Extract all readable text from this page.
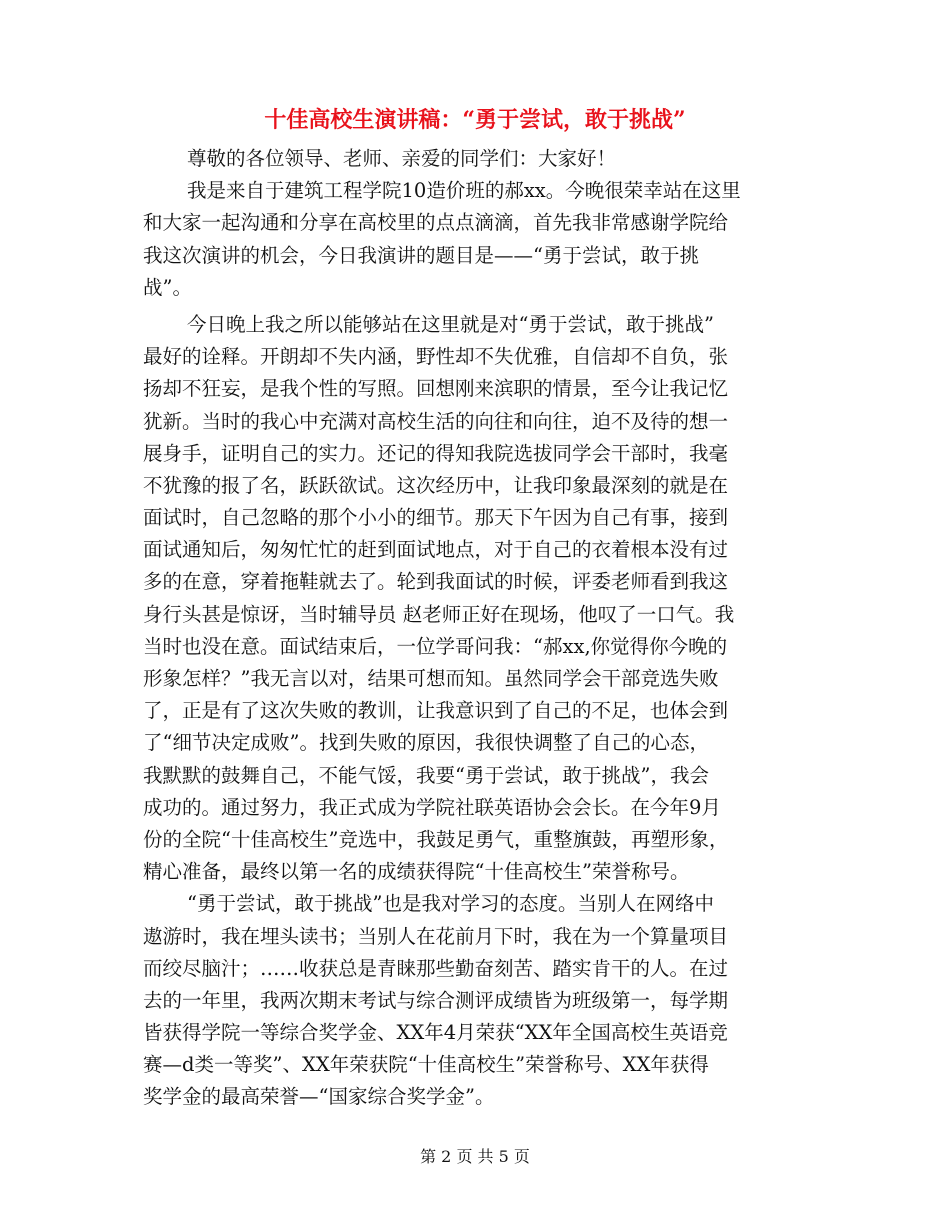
十佳高校生演讲稿：“勇于尝试，敢于挑战”

尊敬的各位领导、老师、亲爱的同学们：大家好！

我是来自于建筑工程学院10造价班的郝xx。今晚很荣幸站在这里
和大家一起沟通和分享在高校里的点点滴滴，首先我非常感谢学院给
我这次演讲的机会，今日我演讲的题目是——“勇于尝试，敢于挑
战”。

今日晚上我之所以能够站在这里就是对“勇于尝试，敢于挑战”
最好的诠释。开朗却不失内涵，野性却不失优雅，自信却不自负，张
扬却不狂妄，是我个性的写照。回想刚来滨职的情景，至今让我记忆
犹新。当时的我心中充满对高校生活的向往和向往，迫不及待的想一
展身手，证明自己的实力。还记的得知我院选拔同学会干部时，我毫
不犹豫的报了名，跃跃欲试。这次经历中，让我印象最深刻的就是在
面试时，自己忽略的那个小小的细节。那天下午因为自己有事，接到
面试通知后，匆匆忙忙的赶到面试地点，对于自己的衣着根本没有过
多的在意，穿着拖鞋就去了。轮到我面试的时候，评委老师看到我这
身行头甚是惊讶，当时辅导员 赵老师正好在现场，他叹了一口气。我
当时也没在意。面试结束后，一位学哥问我：“郝xx,你觉得你今晚的
形象怎样？”我无言以对，结果可想而知。虽然同学会干部竞选失败
了，正是有了这次失败的教训，让我意识到了自己的不足，也体会到
了“细节决定成败”。找到失败的原因，我很快调整了自己的心态，
我默默的鼓舞自己，不能气馁，我要“勇于尝试，敢于挑战”，我会
成功的。通过努力，我正式成为学院社联英语协会会长。在今年9月
份的全院“十佳高校生”竞选中，我鼓足勇气，重整旗鼓，再塑形象，
精心准备，最终以第一名的成绩获得院“十佳高校生”荣誉称号。

“勇于尝试，敢于挑战”也是我对学习的态度。当别人在网络中
遨游时，我在埋头读书；当别人在花前月下时，我在为一个算量项目
而绞尽脑汁；……收获总是青睐那些勤奋刻苦、踏实肯干的人。在过
去的一年里，我两次期末考试与综合测评成绩皆为班级第一，每学期
皆获得学院一等综合奖学金、XX年4月荣获“XX年全国高校生英语竞
赛—d类一等奖”、XX年荣获院“十佳高校生”荣誉称号、XX年获得
奖学金的最高荣誉—“国家综合奖学金”。

第 2 页 共 5 页
